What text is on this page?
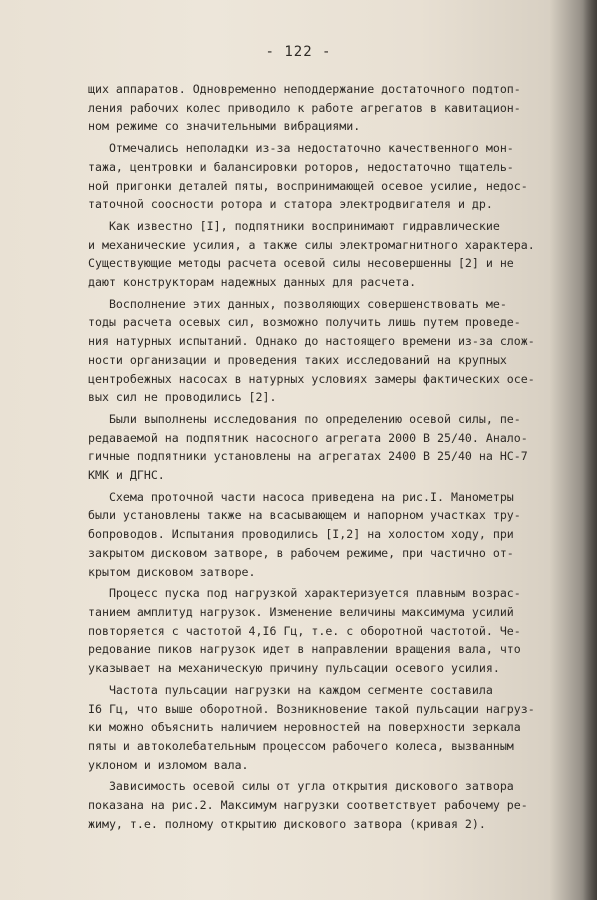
- 122 -
щих аппаратов. Одновременно неподдержание достаточного подтоп-
ления рабочих колес приводило к работе агрегатов в кавитацион-
ном режиме со значительными вибрациями.
Отмечались неполадки из-за недостаточно качественного мон-
тажа, центровки и балансировки роторов, недостаточно тщатель-
ной пригонки деталей пяты, воспринимающей осевое усилие, недос-
таточной соосности ротора и статора электродвигателя и др.
Как известно [I], подпятники воспринимают гидравлические
и механические усилия, а также силы электромагнитного характера.
Существующие методы расчета осевой силы несовершенны [2] и не
дают конструкторам надежных данных для расчета.
Восполнение этих данных, позволяющих совершенствовать ме-
тоды расчета осевых сил, возможно получить лишь путем проведе-
ния натурных испытаний. Однако до настоящего времени из-за слож-
ности организации и проведения таких исследований на крупных
центробежных насосах в натурных условиях замеры фактических осе-
вых сил не проводились [2].
Были выполнены исследования по определению осевой силы, пе-
редаваемой на подпятник насосного агрегата 2000 В 25/40. Анало-
гичные подпятники установлены на агрегатах 2400 В 25/40 на НС-7
КМК и ДГНС.
Схема проточной части насоса приведена на рис.I. Манометры
были установлены также на всасывающем и напорном участках тру-
бопроводов. Испытания проводились [I,2] на холостом ходу, при
закрытом дисковом затворе, в рабочем режиме, при частично от-
крытом дисковом затворе.
Процесс пуска под нагрузкой характеризуется плавным возрас-
танием амплитуд нагрузок. Изменение величины максимума усилий
повторяется с частотой 4,I6 Гц, т.е. с оборотной частотой. Че-
редование пиков нагрузок идет в направлении вращения вала, что
указывает на механическую причину пульсации осевого усилия.
Частота пульсации нагрузки на каждом сегменте составила
I6 Гц, что выше оборотной. Возникновение такой пульсации нагруз-
ки можно объяснить наличием неровностей на поверхности зеркала
пяты и автоколебательным процессом рабочего колеса, вызванным
уклоном и изломом вала.
Зависимость осевой силы от угла открытия дискового затвора
показана на рис.2. Максимум нагрузки соответствует рабочему ре-
жиму, т.е. полному открытию дискового затвора (кривая 2).
